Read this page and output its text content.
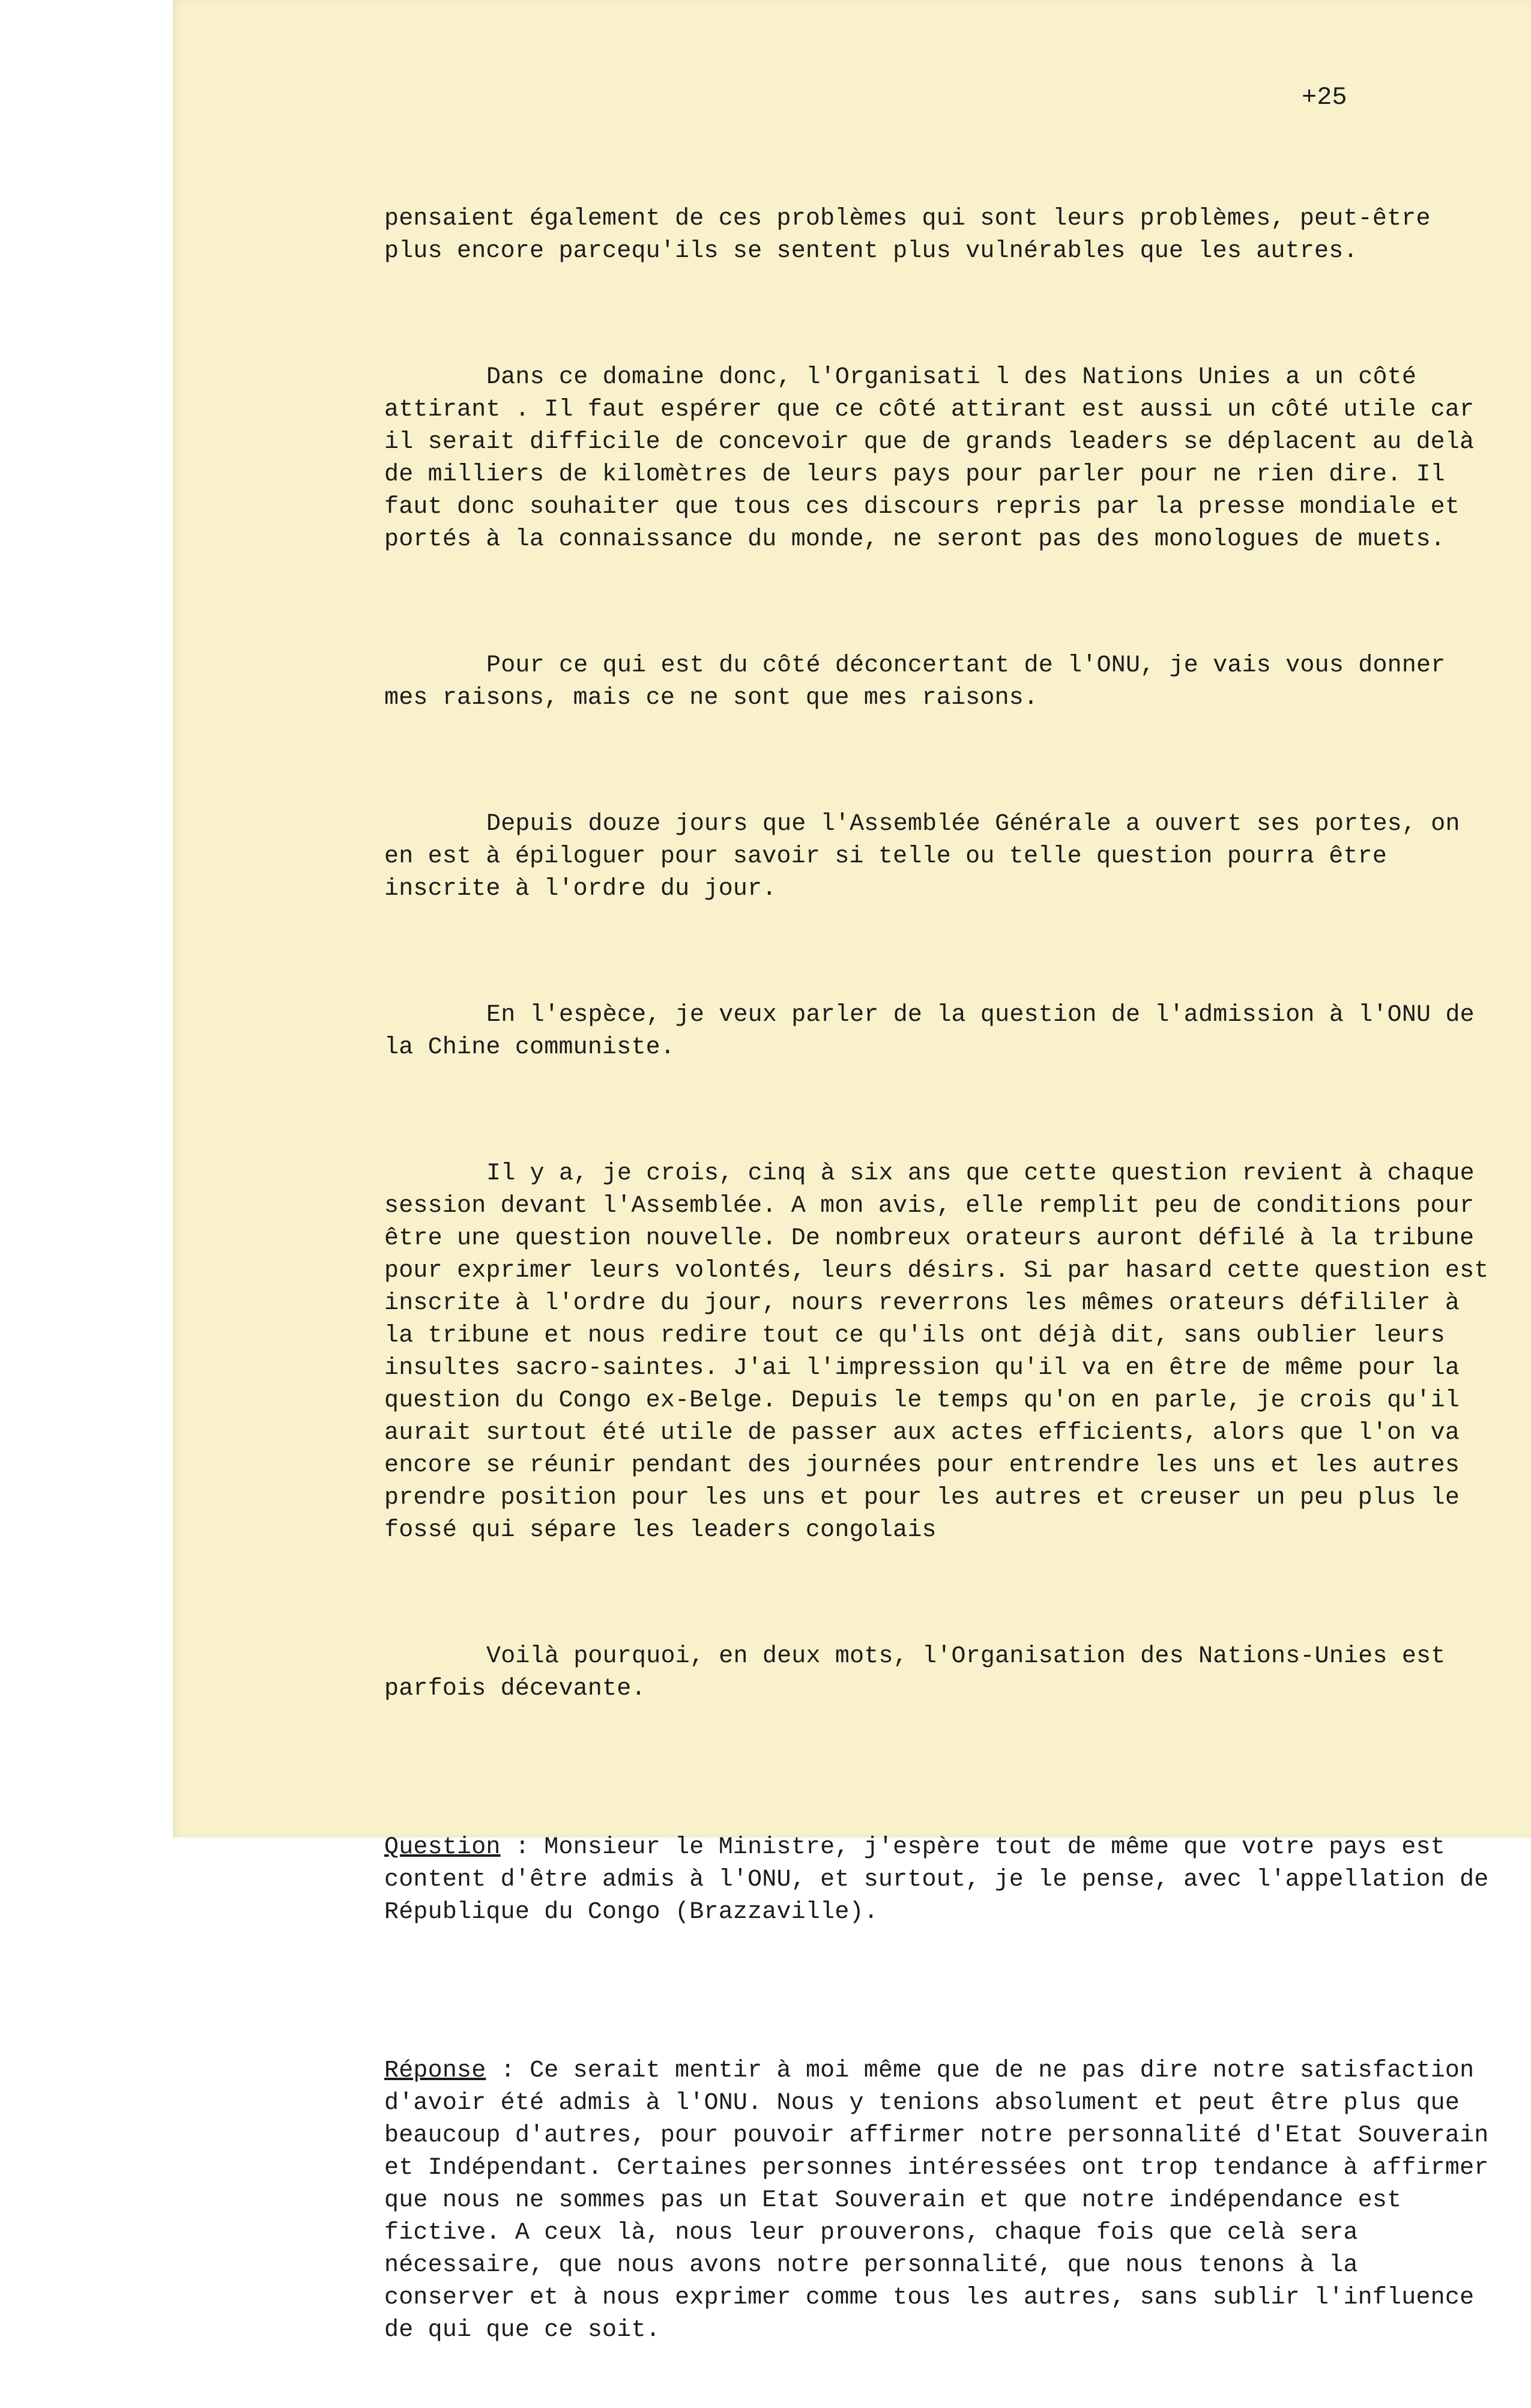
+25

pensaient également de ces problèmes qui sont leurs problèmes, peut-être plus encore parcequ'ils se sentent plus vulnérables que les autres.

Dans ce domaine donc, l'Organisati l des Nations Unies a un côté attirant . Il faut espérer que ce côté attirant est aussi un côté utile car il serait difficile de concevoir que de grands leaders se déplacent au delà de milliers de kilomètres de leurs pays pour parler pour ne rien dire. Il faut donc souhaiter que tous ces discours repris par la presse mondiale et portés à la connaissance du monde, ne seront pas des monologues de muets.

Pour ce qui est du côté déconcertant de l'ONU, je vais vous donner mes raisons, mais ce ne sont que mes raisons.

Depuis douze jours que l'Assemblée Générale a ouvert ses portes, on en est à épiloguer pour savoir si telle ou telle question pourra être inscrite à l'ordre du jour.

En l'espèce, je veux parler de la question de l'admission à l'ONU de la Chine communiste.

Il y a, je crois, cinq à six ans que cette question revient à chaque session devant l'Assemblée. A mon avis, elle remplit peu de conditions pour être une question nouvelle. De nombreux orateurs auront défilé à la tribune pour exprimer leurs volontés, leurs désirs. Si par hasard cette question est inscrite à l'ordre du jour, nours reverrons les mêmes orateurs défililer à la tribune et nous redire tout ce qu'ils ont déjà dit, sans oublier leurs insultes sacro-saintes. J'ai l'impression qu'il va en être de même pour la question du Congo ex-Belge. Depuis le temps qu'on en parle, je crois qu'il aurait surtout été utile de passer aux actes efficients, alors que l'on va encore se réunir pendant des journées pour entrendre les uns et les autres prendre position pour les uns et pour les autres et creuser un peu plus le fossé qui sépare les leaders congolais

Voilà pourquoi, en deux mots, l'Organisation des Nations-Unies est parfois décevante.

Question : Monsieur le Ministre, j'espère tout de même que votre pays est content d'être admis à l'ONU, et surtout, je le pense, avec l'appellation de République du Congo (Brazzaville).

Réponse : Ce serait mentir à moi même que de ne pas dire notre satisfaction d'avoir été admis à l'ONU. Nous y tenions absolument et peut être plus que beaucoup d'autres, pour pouvoir affirmer notre personnalité d'Etat Souverain et Indépendant. Certaines personnes intéressées ont trop tendance à affirmer que nous ne sommes pas un Etat Souverain et que notre indépendance est fictive. A ceux là, nous leur prouverons, chaque fois que celà sera nécessaire, que nous avons notre personnalité, que nous tenons à la conserver et à nous exprimer comme tous les autres, sans sublir l'influence de qui que ce soit.
